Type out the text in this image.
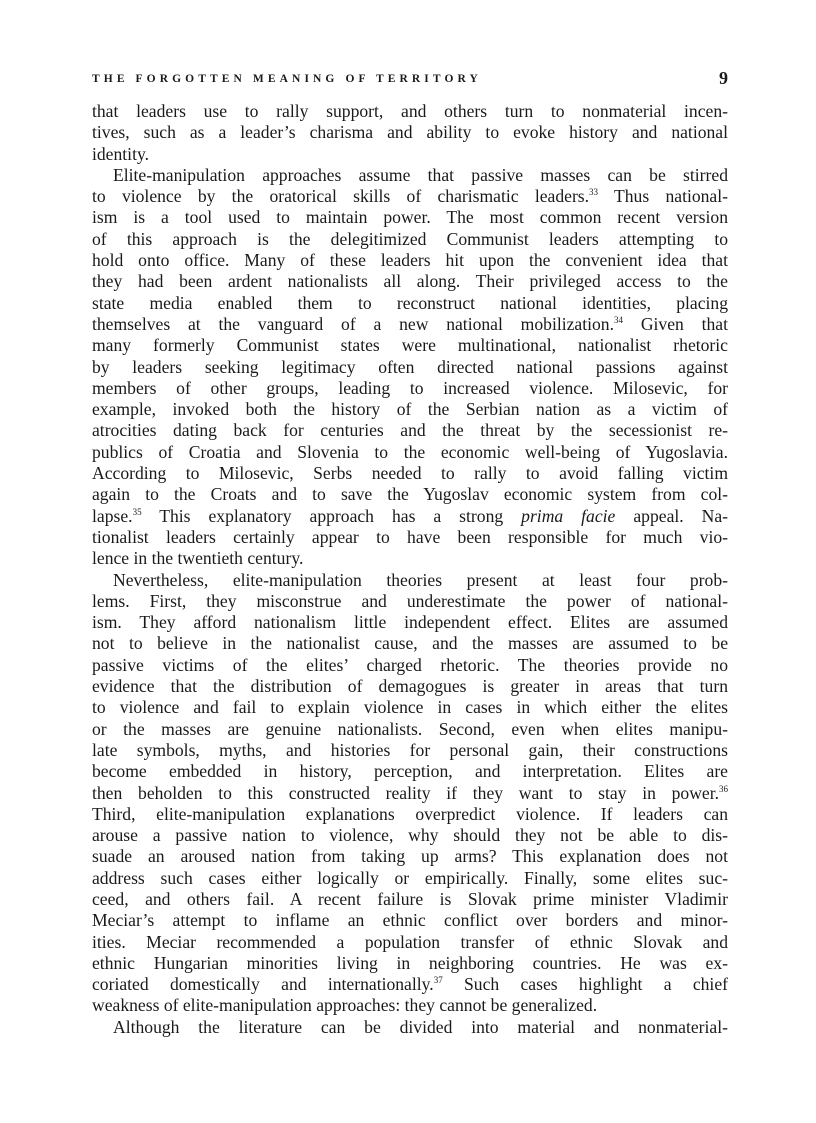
THE FORGOTTEN MEANING OF TERRITORY	9
that leaders use to rally support, and others turn to nonmaterial incen-
tives, such as a leader’s charisma and ability to evoke history and national
identity.
Elite-manipulation approaches assume that passive masses can be stirred
to violence by the oratorical skills of charismatic leaders.$^{33}$ Thus national-
ism is a tool used to maintain power. The most common recent version
of this approach is the delegitimized Communist leaders attempting to
hold onto office. Many of these leaders hit upon the convenient idea that
they had been ardent nationalists all along. Their privileged access to the
state media enabled them to reconstruct national identities, placing
themselves at the vanguard of a new national mobilization.$^{34}$ Given that
many formerly Communist states were multinational, nationalist rhetoric
by leaders seeking legitimacy often directed national passions against
members of other groups, leading to increased violence. Milosevic, for
example, invoked both the history of the Serbian nation as a victim of
atrocities dating back for centuries and the threat by the secessionist re-
publics of Croatia and Slovenia to the economic well-being of Yugoslavia.
According to Milosevic, Serbs needed to rally to avoid falling victim
again to the Croats and to save the Yugoslav economic system from col-
lapse.$^{35}$ This explanatory approach has a strong prima facie appeal. Na-
tionalist leaders certainly appear to have been responsible for much vio-
lence in the twentieth century.
Nevertheless, elite-manipulation theories present at least four prob-
lems. First, they misconstrue and underestimate the power of national-
ism. They afford nationalism little independent effect. Elites are assumed
not to believe in the nationalist cause, and the masses are assumed to be
passive victims of the elites’ charged rhetoric. The theories provide no
evidence that the distribution of demagogues is greater in areas that turn
to violence and fail to explain violence in cases in which either the elites
or the masses are genuine nationalists. Second, even when elites manipu-
late symbols, myths, and histories for personal gain, their constructions
become embedded in history, perception, and interpretation. Elites are
then beholden to this constructed reality if they want to stay in power.$^{36}$
Third, elite-manipulation explanations overpredict violence. If leaders can
arouse a passive nation to violence, why should they not be able to dis-
suade an aroused nation from taking up arms? This explanation does not
address such cases either logically or empirically. Finally, some elites suc-
ceed, and others fail. A recent failure is Slovak prime minister Vladimir
Meciar’s attempt to inflame an ethnic conflict over borders and minor-
ities. Meciar recommended a population transfer of ethnic Slovak and
ethnic Hungarian minorities living in neighboring countries. He was ex-
coriated domestically and internationally.$^{37}$ Such cases highlight a chief
weakness of elite-manipulation approaches: they cannot be generalized.
Although the literature can be divided into material and nonmaterial-
